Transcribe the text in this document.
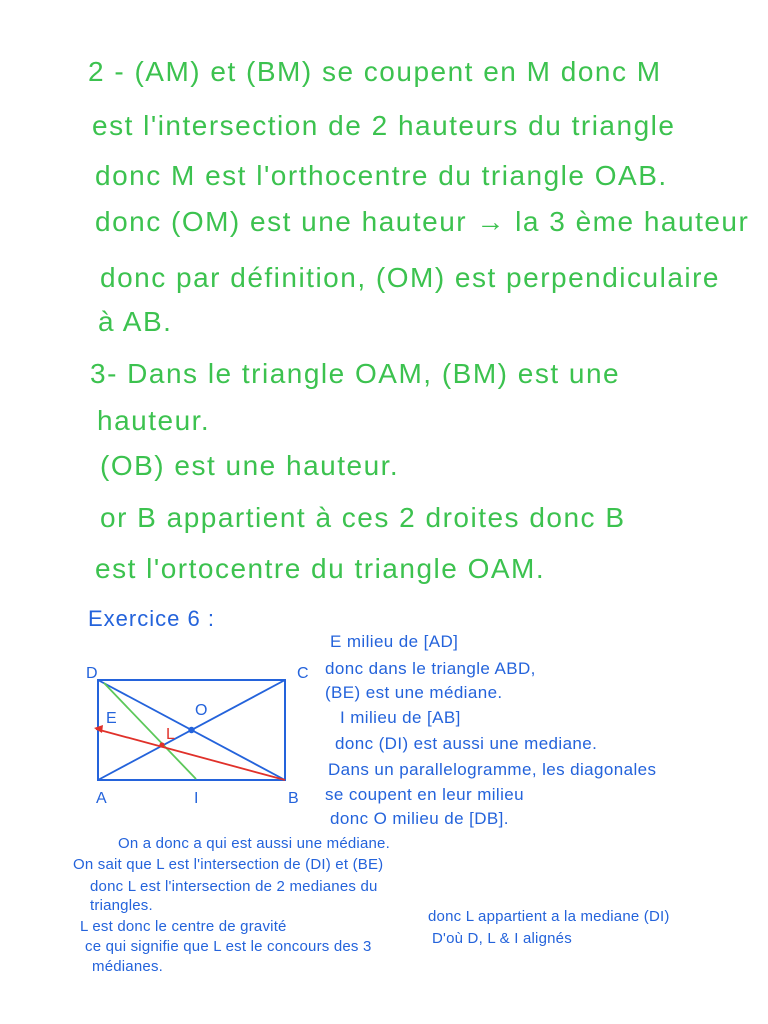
2 - (AM) et (BM) se coupent en M donc M
est l'intersection de 2 hauteurs du triangle
donc M est l'orthocentre du triangle OAB.
donc (OM) est une hauteur → la 3 ème hauteur
donc par définition, (OM) est perpendiculaire
à AB.
3- Dans le triangle OAM, (BM) est une
hauteur.
(OB) est une hauteur.
or B appartient à ces 2 droites donc B
est l'ortocentre du triangle OAM.
Exercice 6 :
E milieu de [AD]
donc dans le triangle ABD,
(BE) est une médiane.
I milieu de [AB]
donc (DI) est aussi une mediane.
Dans un parallelogramme, les diagonales
se coupent en leur milieu
donc O milieu de [DB].
D	C
A	B
O
E
L
I
On a donc a qui est aussi une médiane.
On sait que L est l'intersection de (DI) et (BE)
donc L est l'intersection de 2 medianes du
triangles.
L est donc le centre de gravité
ce qui signifie que L est le concours des 3
médianes.
donc L appartient a la mediane (DI)
D'où D, L & I alignés
